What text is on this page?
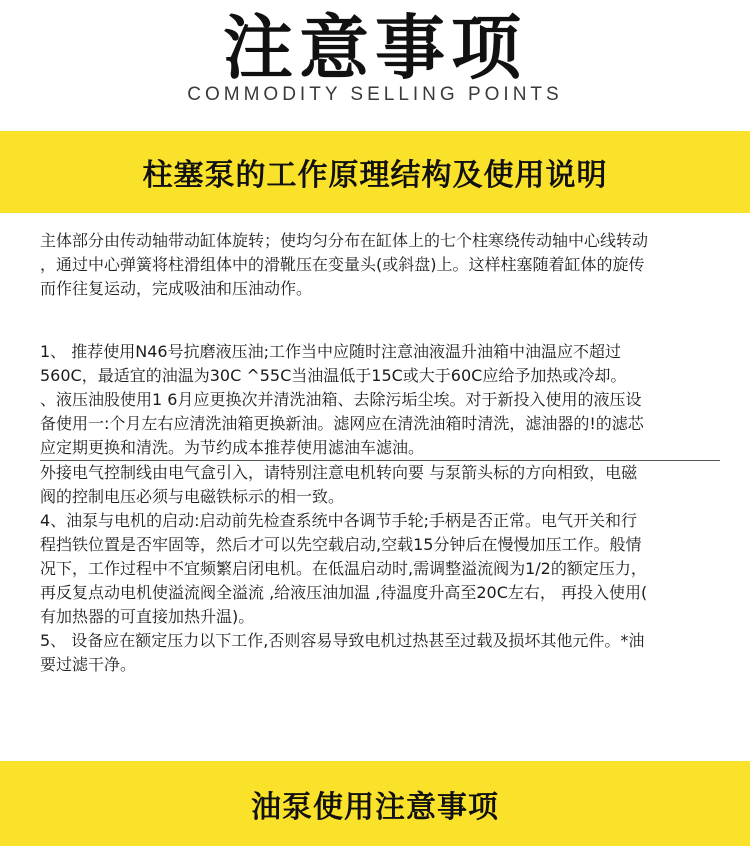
注意事项
COMMODITY SELLING POINTS
柱塞泵的工作原理结构及使用说明
主体部分由传动轴带动缸体旋转；使均匀分布在缸体上的七个柱寒绕传动轴中心线转动
，通过中心弹簧将柱滑组体中的滑靴压在变量头(或斜盘)上。这样柱塞随着缸体的旋传
而作往复运动，完成吸油和压油动作。
1、 推荐使用N46号抗磨液压油;工作当中应随时注意油液温升油箱中油温应不超过
560C，最适宜的油温为30C ^55C当油温低于15C或大于60C应给予加热或冷却。
、液压油股使用1 6月应更换次并清洗油箱、去除污垢尘埃。对于新投入使用的液压设
备使用一:个月左右应清洗油箱更换新油。滤网应在清洗油箱时清洗，滤油器的!的滤芯
应定期更换和清洗。为节约成本推荐使用滤油车滤油。
外接电气控制线由电气盒引入，请特别注意电机转向要 与泵箭头标的方向相致，电磁
阀的控制电压必须与电磁铁标示的相一致。
4、油泵与电机的启动:启动前先检查系统中各调节手轮;手柄是否正常。电气开关和行
程挡铁位置是否牢固等，然后才可以先空载启动,空载15分钟后在慢慢加压工作。般情
况下，工作过程中不宜频繁启闭电机。在低温启动时,需调整溢流阀为1/2的额定压力，
再反复点动电机使溢流阀全溢流 ,给液压油加温 ,待温度升高至20C左右， 再投入使用(
有加热器的可直接加热升温)。
5、 设备应在额定压力以下工作,否则容易导致电机过热甚至过载及损坏其他元件。*油
要过滤干净。
油泵使用注意事项
